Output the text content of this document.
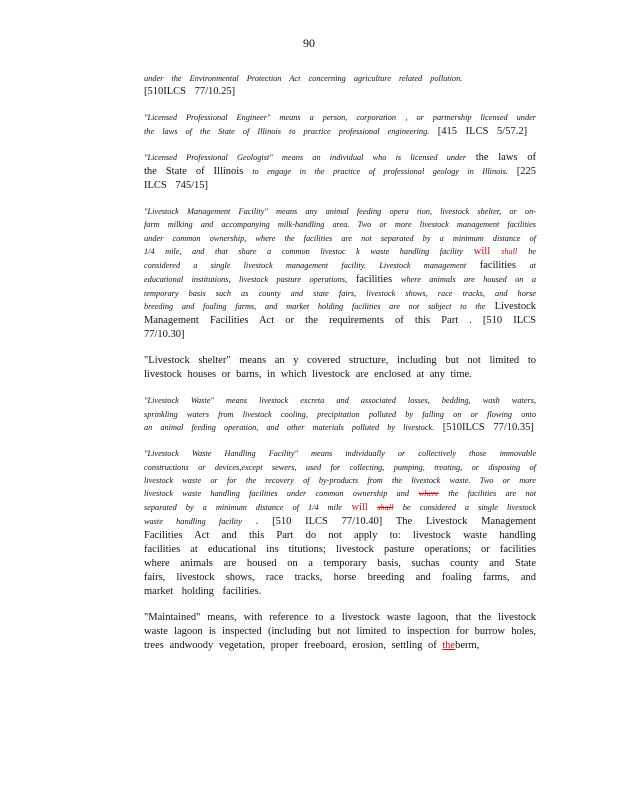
90

under the Environmental Protection Act concerning agriculture related pollution.
[510ILCS 77/10.25]

"Licensed Professional Engineer" means a person, corporation , or partnership licensed under the laws of the State of Illinois to practice professional engineering. [415 ILCS 5/57.2]

"Licensed Professional Geologist" means an individual who is licensed under the laws of the State of Illinois to engage in the practice of professional geology in Illinois. [225 ILCS 745/15]

"Livestock Management Facility" means any animal feeding opera tion, livestock shelter, or on-farm milking and accompanying milk-handling area. Two or more livestock management facilities under common ownership, where the facilities are not separated by a minimum distance of 1/4 mile, and that share a common livestoc k waste handling facility will shall be considered a single livestock management facility. Livestock management facilities at educational institutions, livestock pasture operations, facilities where animals are housed on a temporary basis such as county and state fairs, livestock shows, race tracks, and horse breeding and foaling farms, and market holding facilities are not subject to the Livestock Management Facilities Act or the requirements of this Part . [510 ILCS 77/10.30]

"Livestock shelter" means an y covered structure, including but not limited to livestock houses or barns, in which livestock are enclosed at any time.

"Livestock Waste" means livestock excreta and associated losses, bedding, wash waters, sprinkling waters from livestock cooling, precipitation polluted by falling on or flowing onto an animal feeding operation, and other materials polluted by livestock. [510ILCS 77/10.35]

"Livestock Waste Handling Facility" means individually or collectively those immovable constructions or devices,except sewers, used for collecting, pumping, treating, or disposing of livestock waste or for the recovery of by-products from the livestock waste. Two or more livestock waste handling facilities under common ownership and where the facilities are not separated by a minimum distance of 1/4 mile will shall be considered a single livestock waste handling facility . [510 ILCS 77/10.40] The Livestock Management Facilities Act and this Part do not apply to: livestock waste handling facilities at educational ins titutions; livestock pasture operations; or facilities where animals are housed on a temporary basis, suchas county and State fairs, livestock shows, race tracks, horse breeding and foaling farms, and market holding facilities.

"Maintained" means, with reference to a livestock waste lagoon, that the livestock waste lagoon is inspected (including but not limited to inspection for burrow holes, trees andwoody vegetation, proper freeboard, erosion, settling of theberm,
